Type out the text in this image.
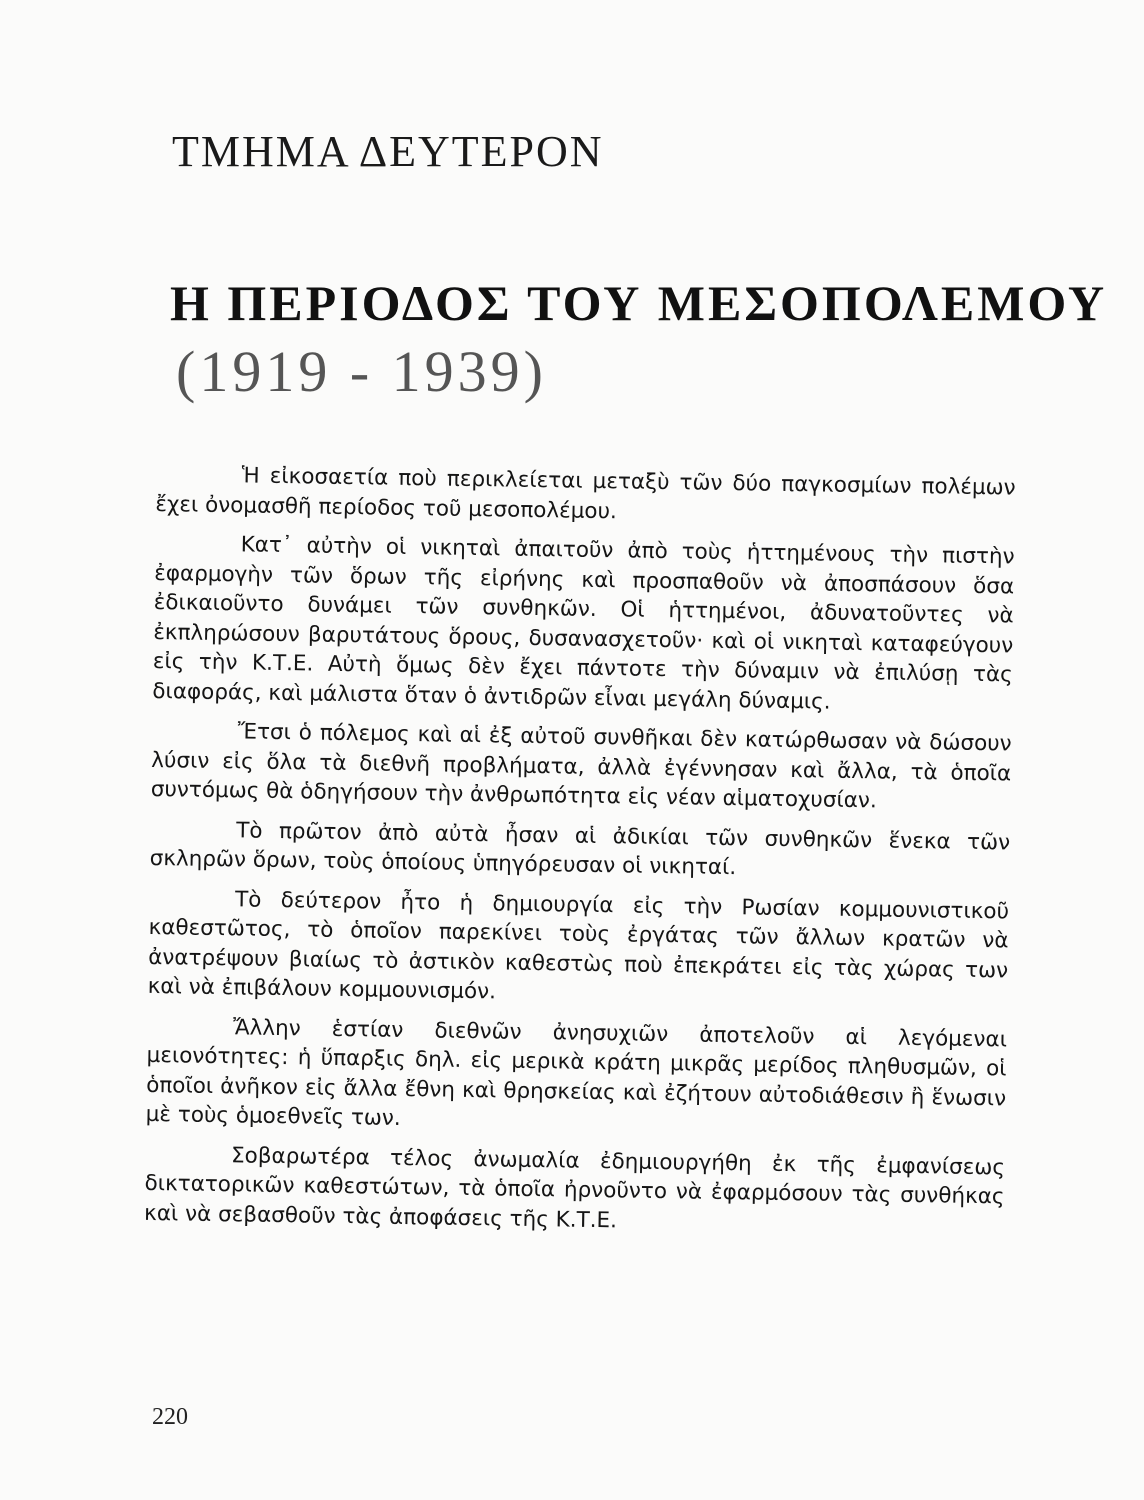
ΤΜΗΜΑ ΔΕΥΤΕΡΟΝ
Η ΠΕΡΙΟΔΟΣ ΤΟΥ ΜΕΣΟΠΟΛΕΜΟΥ
(1919 - 1939)

Ἡ εἰκοσαετία ποὺ περικλείεται μεταξὺ τῶν δύο παγκοσμίων πολέμων ἔχει ὀνομασθῆ περίοδος τοῦ μεσοπολέμου.

Κατ᾿ αὐτὴν οἱ νικηταὶ ἀπαιτοῦν ἀπὸ τοὺς ἡττημένους τὴν πιστὴν ἐφαρμογὴν τῶν ὅρων τῆς εἰρήνης καὶ προσπαθοῦν νὰ ἀποσπάσουν ὅσα ἐδικαιοῦντο δυνάμει τῶν συνθηκῶν. Οἱ ἡττημένοι, ἀδυνατοῦντες νὰ ἐκπληρώσουν βαρυτάτους ὅρους, δυσανασχετοῦν· καὶ οἱ νικηταὶ καταφεύγουν εἰς τὴν Κ.Τ.Ε. Αὐτὴ ὅμως δὲν ἔχει πάντοτε τὴν δύναμιν νὰ ἐπιλύσῃ τὰς διαφοράς, καὶ μάλιστα ὅταν ὁ ἀντιδρῶν εἶναι μεγάλη δύναμις.

Ἔτσι ὁ πόλεμος καὶ αἱ ἐξ αὐτοῦ συνθῆκαι δὲν κατώρθωσαν νὰ δώσουν λύσιν εἰς ὅλα τὰ διεθνῆ προβλήματα, ἀλλὰ ἐγέννησαν καὶ ἄλλα, τὰ ὁποῖα συντόμως θὰ ὁδηγήσουν τὴν ἀνθρωπότητα εἰς νέαν αἱματοχυσίαν.

Τὸ πρῶτον ἀπὸ αὐτὰ ἦσαν αἱ ἀδικίαι τῶν συνθηκῶν ἕνεκα τῶν σκληρῶν ὅρων, τοὺς ὁποίους ὑπηγόρευσαν οἱ νικηταί.

Τὸ δεύτερον ἦτο ἡ δημιουργία εἰς τὴν Ρωσίαν κομμουνιστικοῦ καθεστῶτος, τὸ ὁποῖον παρεκίνει τοὺς ἐργάτας τῶν ἄλλων κρατῶν νὰ ἀνατρέψουν βιαίως τὸ ἀστικὸν καθεστὼς ποὺ ἐπεκράτει εἰς τὰς χώρας των καὶ νὰ ἐπιβάλουν κομμουνισμόν.

Ἄλλην ἑστίαν διεθνῶν ἀνησυχιῶν ἀποτελοῦν αἱ λεγόμεναι μειονότητες: ἡ ὕπαρξις δηλ. εἰς μερικὰ κράτη μικρᾶς μερίδος πληθυσμῶν, οἱ ὁποῖοι ἀνῆκον εἰς ἄλλα ἔθνη καὶ θρησκείας καὶ ἐζήτουν αὐτοδιάθεσιν ἢ ἕνωσιν μὲ τοὺς ὁμοεθνεῖς των.

Σοβαρωτέρα τέλος ἀνωμαλία ἐδημιουργήθη ἐκ τῆς ἐμφανίσεως δικτατορικῶν καθεστώτων, τὰ ὁποῖα ἠρνοῦντο νὰ ἐφαρμόσουν τὰς συνθήκας καὶ νὰ σεβασθοῦν τὰς ἀποφάσεις τῆς Κ.Τ.Ε.

220
